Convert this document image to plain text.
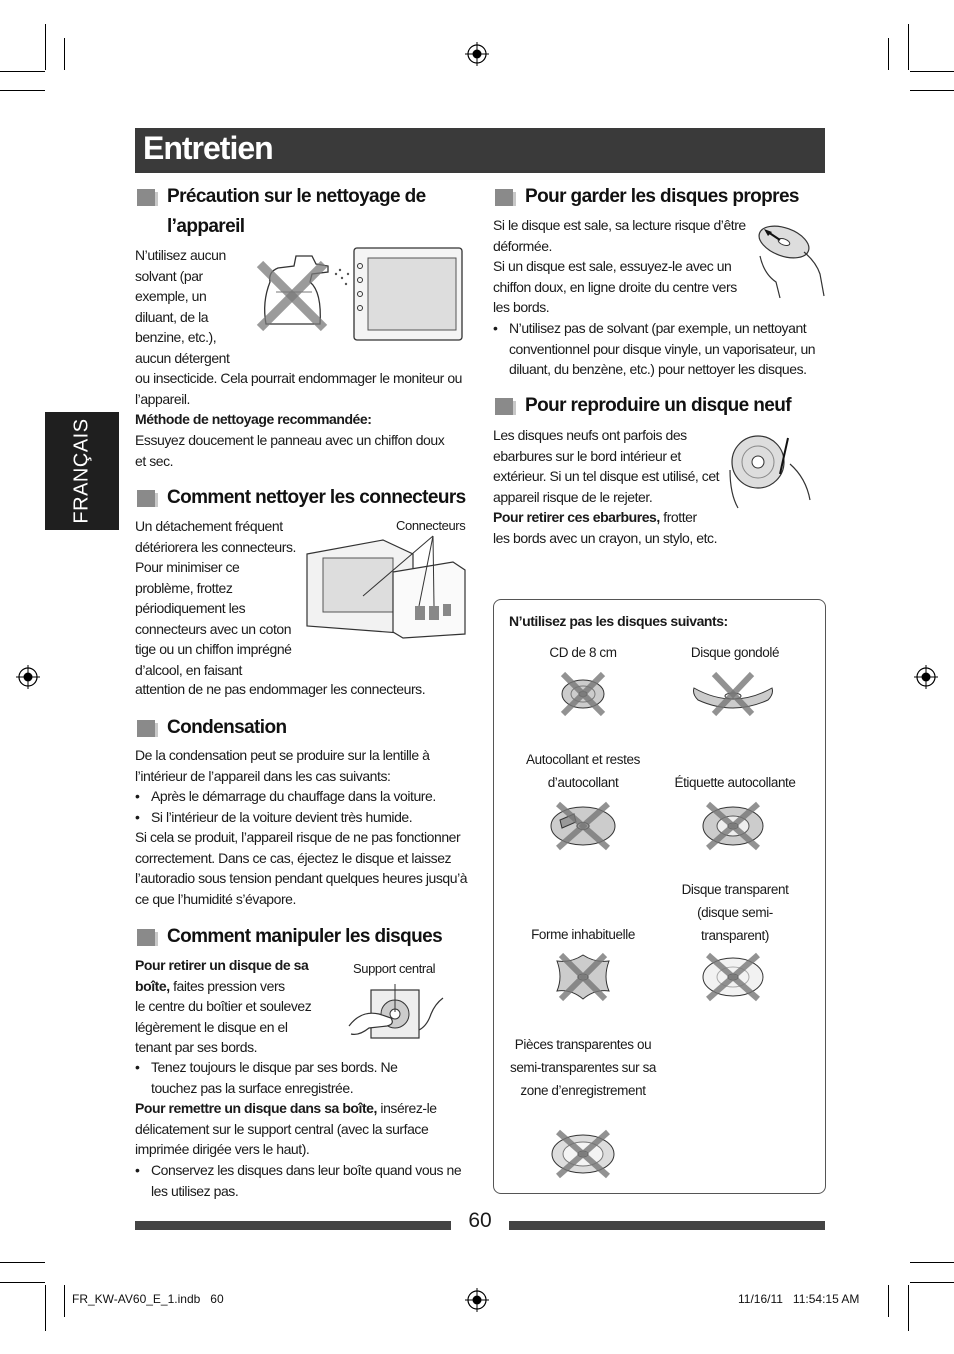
Entretien
FRANÇAIS
Précaution sur le nettoyage de l’appareil
N’utilisez aucun
solvant (par
exemple, un
diluant, de la
benzine, etc.),
aucun détergent
ou insecticide. Cela pourrait endommager le moniteur ou l’appareil.
Méthode de nettoyage recommandée:
Essuyez doucement le panneau avec un chiffon doux et sec.
Comment nettoyer les connecteurs
Un détachement fréquent
détériorera les connecteurs.
Pour minimiser ce
problème, frottez
périodiquement les
connecteurs avec un coton
tige ou un chiffon imprégné
d’alcool, en faisant
Connecteurs
attention de ne pas endommager les connecteurs.
Condensation
De la condensation peut se produire sur la lentille à l’intérieur de l’appareil dans les cas suivants:
• Après le démarrage du chauffage dans la voiture.
• Si l’intérieur de la voiture devient très humide.
Si cela se produit, l’appareil risque de ne pas fonctionner correctement. Dans ce cas, éjectez le disque et laissez l’autoradio sous tension pendant quelques heures jusqu’à ce que l’humidité s’évapore.
Comment manipuler les disques
Pour retirer un disque de sa boîte, faites pression vers
le centre du boîtier et soulevez
légèrement le disque en el
tenant par ses bords.
Support central
• Tenez toujours le disque par ses bords. Ne touchez pas la surface enregistrée.
Pour remettre un disque dans sa boîte, insérez-le délicatement sur le support central (avec la surface imprimée dirigée vers le haut).
• Conservez les disques dans leur boîte quand vous ne les utilisez pas.
Pour garder les disques propres
Si le disque est sale, sa lecture risque d’être
déformée.
Si un disque est sale, essuyez-le avec un
chiffon doux, en ligne droite du centre vers
les bords.
• N’utilisez pas de solvant (par exemple, un nettoyant conventionnel pour disque vinyle, un vaporisateur, un diluant, du benzène, etc.) pour nettoyer les disques.
Pour reproduire un disque neuf
Les disques neufs ont parfois des
ebarbures sur le bord intérieur et
extérieur. Si un tel disque est utilisé, cet
appareil risque de le rejeter.
Pour retirer ces ebarbures, frotter
les bords avec un crayon, un stylo, etc.
N’utilisez pas les disques suivants:
CD de 8 cm	Disque gondolé
Autocollant et restes d’autocollant	Étiquette autocollante
Forme inhabituelle
Disque transparent (disque semi-transparent)
Pièces transparentes ou semi-transparentes sur sa zone d’enregistrement
60
FR_KW-AV60_E_1.indb   60	11/16/11   11:54:15 AM
